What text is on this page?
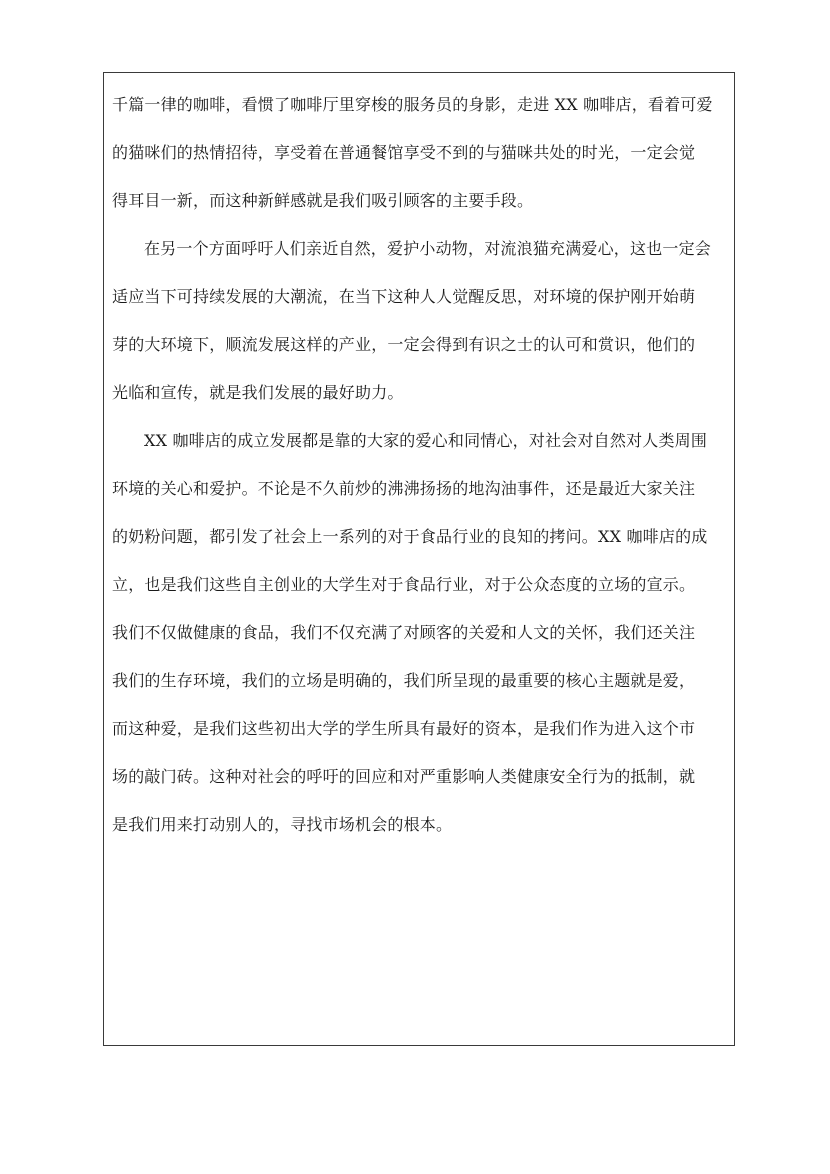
千篇一律的咖啡，看惯了咖啡厅里穿梭的服务员的身影，走进 XX 咖啡店，看着可爱
的猫咪们的热情招待，享受着在普通餐馆享受不到的与猫咪共处的时光，一定会觉
得耳目一新，而这种新鲜感就是我们吸引顾客的主要手段。
在另一个方面呼吁人们亲近自然，爱护小动物，对流浪猫充满爱心，这也一定会
适应当下可持续发展的大潮流，在当下这种人人觉醒反思，对环境的保护刚开始萌
芽的大环境下，顺流发展这样的产业，一定会得到有识之士的认可和赏识，他们的
光临和宣传，就是我们发展的最好助力。
XX 咖啡店的成立发展都是靠的大家的爱心和同情心，对社会对自然对人类周围
环境的关心和爱护。不论是不久前炒的沸沸扬扬的地沟油事件，还是最近大家关注
的奶粉问题，都引发了社会上一系列的对于食品行业的良知的拷问。XX 咖啡店的成
立，也是我们这些自主创业的大学生对于食品行业，对于公众态度的立场的宣示。
我们不仅做健康的食品，我们不仅充满了对顾客的关爱和人文的关怀，我们还关注
我们的生存环境，我们的立场是明确的，我们所呈现的最重要的核心主题就是爱，
而这种爱，是我们这些初出大学的学生所具有最好的资本，是我们作为进入这个市
场的敲门砖。这种对社会的呼吁的回应和对严重影响人类健康安全行为的抵制，就
是我们用来打动别人的，寻找市场机会的根本。
